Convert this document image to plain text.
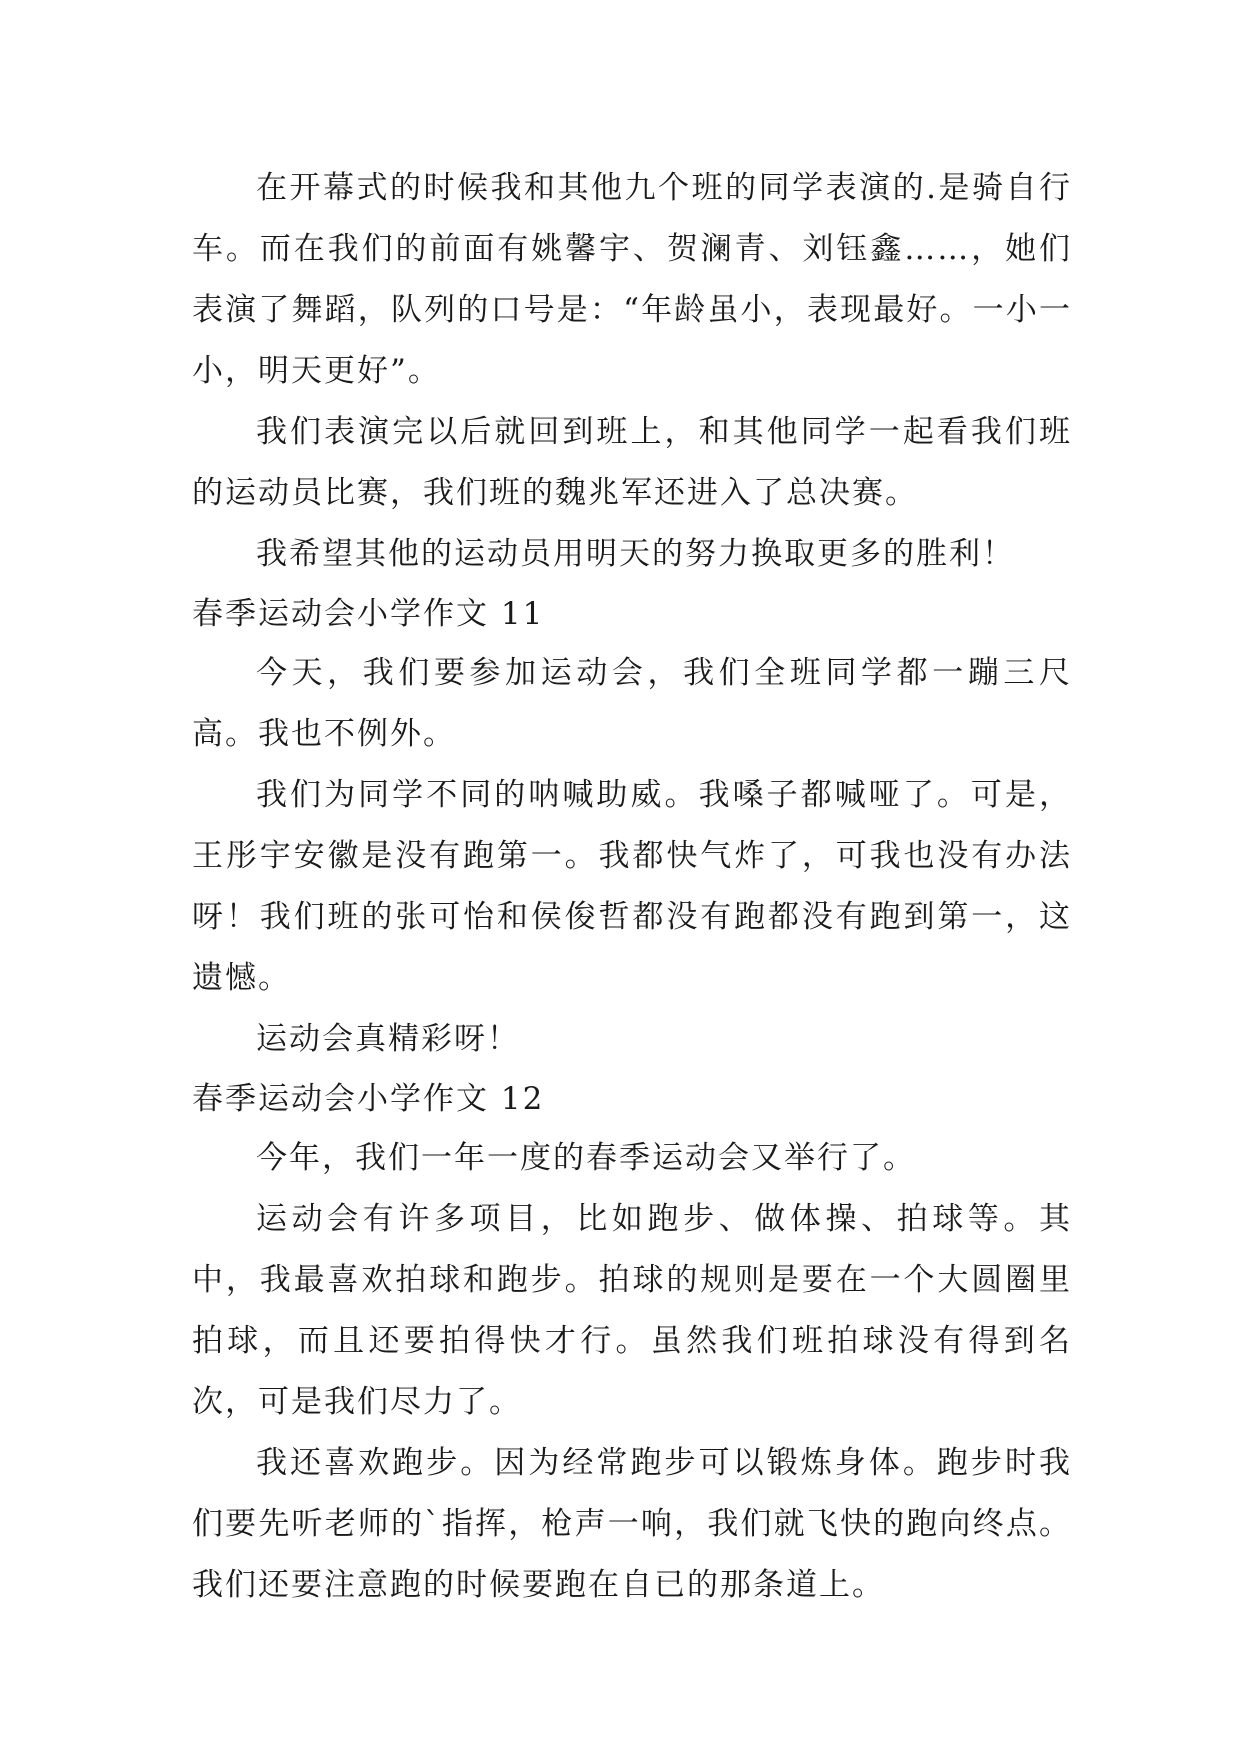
在开幕式的时候我和其他九个班的同学表演的.是骑自行车。而在我们的前面有姚馨宇、贺澜青、刘钰鑫……，她们表演了舞蹈，队列的口号是：“年龄虽小，表现最好。一小一小，明天更好”。

我们表演完以后就回到班上，和其他同学一起看我们班的运动员比赛，我们班的魏兆军还进入了总决赛。

我希望其他的运动员用明天的努力换取更多的胜利！

春季运动会小学作文 11

今天，我们要参加运动会，我们全班同学都一蹦三尺高。我也不例外。

我们为同学不同的呐喊助威。我嗓子都喊哑了。可是，王彤宇安徽是没有跑第一。我都快气炸了，可我也没有办法呀！我们班的张可怡和侯俊哲都没有跑都没有跑到第一，这遗憾。

运动会真精彩呀！

春季运动会小学作文 12

今年，我们一年一度的春季运动会又举行了。

运动会有许多项目，比如跑步、做体操、拍球等。其中，我最喜欢拍球和跑步。拍球的规则是要在一个大圆圈里拍球，而且还要拍得快才行。虽然我们班拍球没有得到名次，可是我们尽力了。

我还喜欢跑步。因为经常跑步可以锻炼身体。跑步时我们要先听老师的`指挥，枪声一响，我们就飞快的跑向终点。我们还要注意跑的时候要跑在自已的那条道上。
